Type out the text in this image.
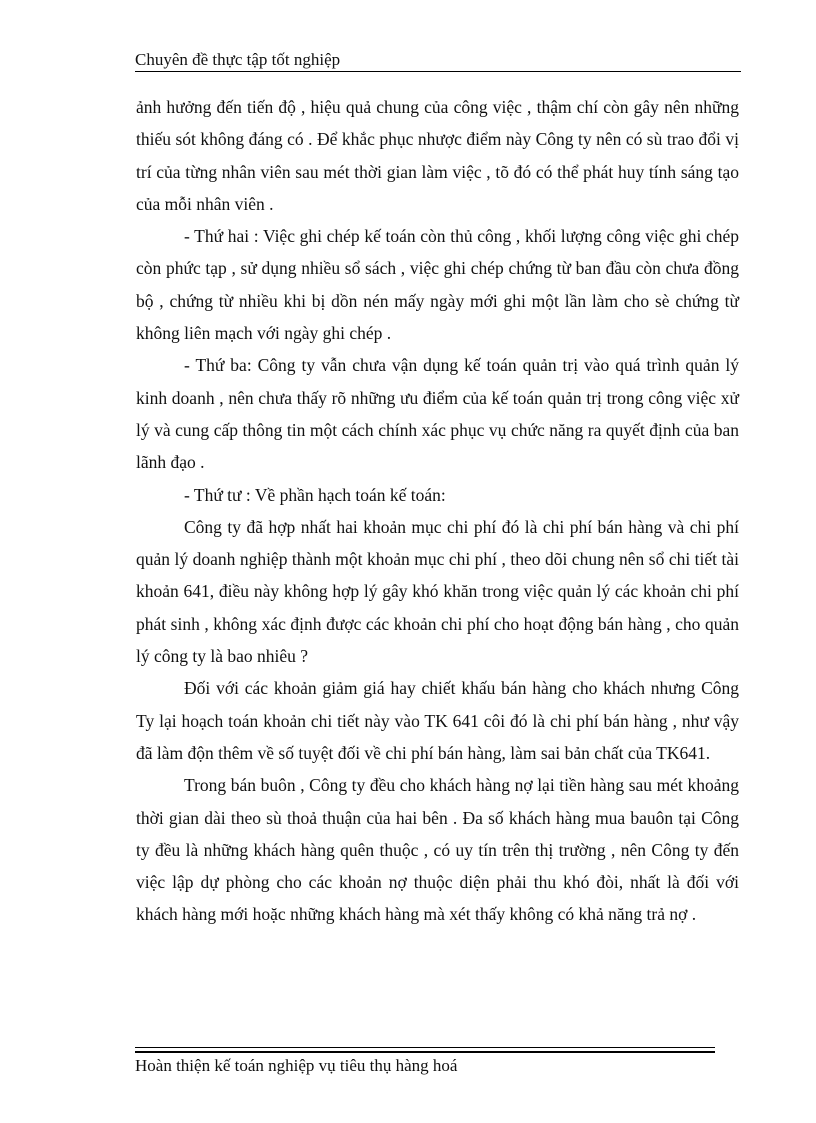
Chuyên đề thực tập tốt nghiệp

ảnh hưởng đến tiến độ , hiệu quả chung của công việc , thậm chí còn gây nên những thiếu sót không đáng có . Để khắc phục nhược điểm này Công ty nên có sù trao đổi vị trí của từng nhân viên sau mét thời gian làm việc , tõ đó có thể phát huy tính sáng tạo của mỗi nhân viên .

- Thứ hai : Việc ghi chép kế toán còn thủ công , khối lượng công việc ghi chép còn phức tạp , sử dụng nhiều sổ sách , việc ghi chép chứng từ ban đầu còn chưa đồng bộ , chứng từ nhiều khi bị dồn nén mấy ngày mới ghi một lần làm cho sè chứng từ không liên mạch với ngày ghi chép .

- Thứ ba: Công ty vẫn chưa vận dụng kế toán quản trị vào quá trình quản lý kinh doanh , nên chưa thấy rõ những ưu điểm của kế toán quản trị trong công việc xử lý và cung cấp thông tin một cách chính xác phục vụ chức năng ra quyết định của ban lãnh đạo .

- Thứ tư : Về phần hạch toán kế toán:

Công ty đã hợp nhất hai khoản mục chi phí đó là chi phí bán hàng và chi phí quản lý doanh nghiệp thành một khoản mục chi phí , theo dõi chung nên sổ chi tiết tài khoản 641, điều này không hợp lý gây khó khăn trong việc quản lý các khoản chi phí phát sinh , không xác định được các khoản chi phí cho hoạt động bán hàng , cho quản lý công ty là bao nhiêu ?

Đối với các khoản giảm giá hay chiết khấu bán hàng cho khách nhưng Công Ty lại hoạch toán khoản chi tiết này vào TK 641 côi đó là chi phí bán hàng , như vậy đã làm độn thêm về số tuyệt đối về chi phí bán hàng, làm sai bản chất của TK641.

Trong bán buôn , Công ty đều cho khách hàng nợ lại tiền hàng sau mét khoảng thời gian dài theo sù thoả thuận của hai bên . Đa số khách hàng mua bauôn tại Công ty đều là những khách hàng quên thuộc , có uy tín trên thị trường , nên Công ty đến việc lập dự phòng cho các khoản nợ thuộc diện phải thu khó đòi, nhất là đối với khách hàng mới hoặc những khách hàng mà xét thấy không có khả năng trả nợ .

Hoàn thiện kế toán nghiệp vụ tiêu thụ hàng hoá
